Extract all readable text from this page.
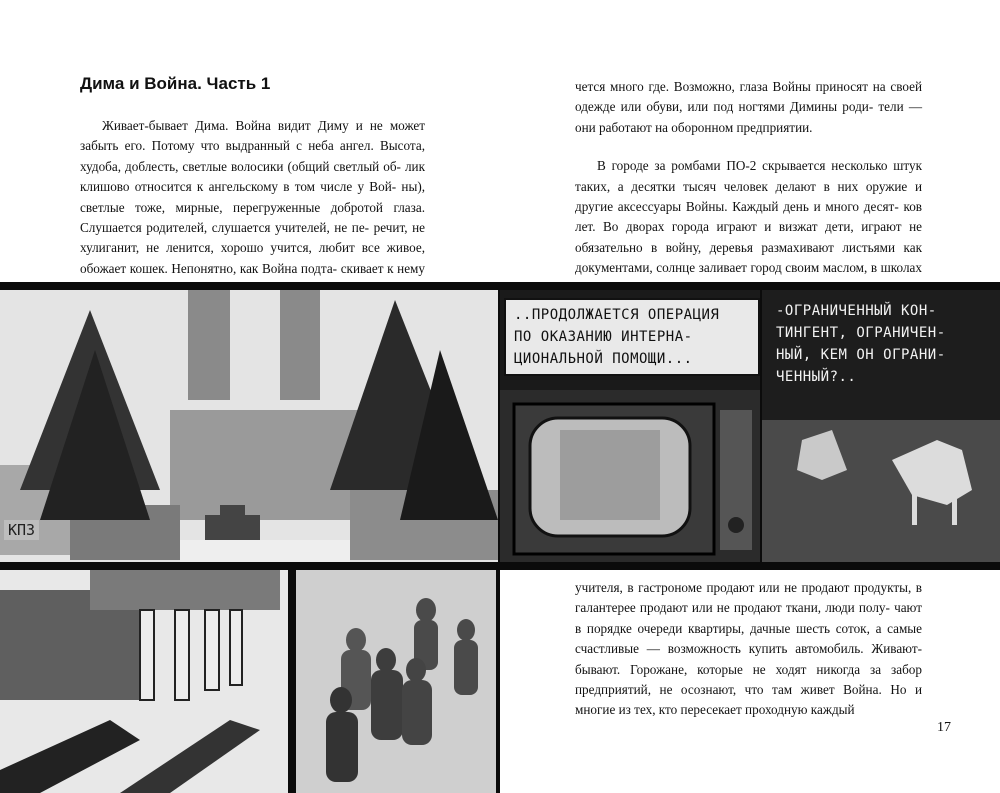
Дима и Война. Часть 1

Живает-бывает Дима. Война видит Диму и не может забыть его. Потому что выдранный с неба ангел. Высота, худоба, доблесть, светлые волосики (общий светлый об- лик клишово относится к ангельскому в том числе у Вой- ны), светлые тоже, мирные, перегруженные добротой глаза. Слушается родителей, слушается учителей, не пе- речит, не хулиганит, не ленится, хорошо учится, любит все живое, обожает кошек. Непонятно, как Война подта- скивает к нему

чется много где. Возможно, глаза Войны приносят на своей одежде или обуви, или под ногтями Димины роди- тели — они работают на оборонном предприятии.

В городе за ромбами ПО-2 скрывается несколько штук таких, а десятки тысяч человек делают в них оружие и другие аксессуары Войны. Каждый день и много десят- ков лет. Во дворах города играют и визжат дети, играют не обязательно в войну, деревья размахивают листьями как документами, солнце заливает город своим маслом, в школах

учителя, в гастрономе продают или не продают продукты, в галантерее продают или не продают ткани, люди полу- чают в порядке очереди квартиры, дачные шесть соток, а самые счастливые — возможность купить автомобиль. Живают-бывают. Горожане, которые не ходят никогда за забор предприятий, не осознают, что там живет Война. Но и многие из тех, кто пересекает проходную каждый

КПЗ
..ПРОДОЛЖАЕТСЯ ОПЕРАЦИЯ
ПО ОКАЗАНИЮ ИНТЕРНА-
ЦИОНАЛЬНОЙ ПОМОЩИ...
-ОГРАНИЧЕННЫЙ КОН-
ТИНГЕНТ, ОГРАНИЧЕН-
НЫЙ, КЕМ ОН ОГРАНИ-
ЧЕННЫЙ?..
17
